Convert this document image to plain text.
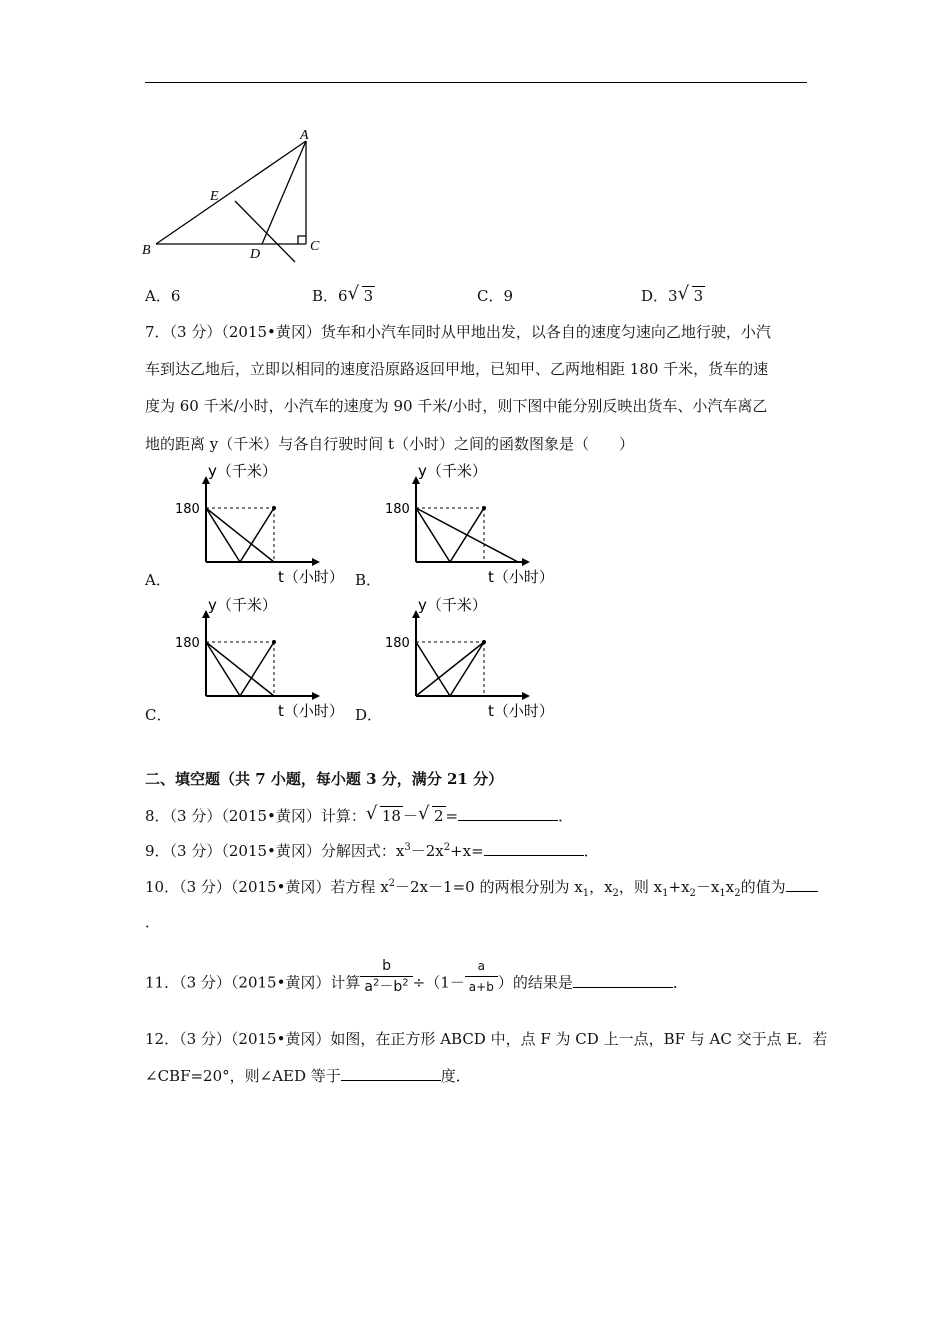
A
B	C
D
E
A．6	B．6 √ 3	C．9	D．3 √ 3
7．（3 分）（2015•黄冈）货车和小汽车同时从甲地出发，以各自的速度匀速向乙地行驶，小汽
车到达乙地后，立即以相同的速度沿原路返回甲地，已知甲、乙两地相距 180 千米，货车的速
度为 60 千米/小时，小汽车的速度为 90 千米/小时，则下图中能分别反映出货车、小汽车离乙
地的距离 y（千米）与各自行驶时间 t（小时）之间的函数图象是（　　）
A．	B．
C．	D．
y（千米）
t（小时）
180
y（千米）
t（小时）
180
y（千米）
t（小时）
180
y（千米）
t（小时）
180
二、填空题（共 7 小题，每小题 3 分，满分 21 分）
8．（3 分）（2015•黄冈）计算： √ 18 － √ 2 =	．
9．（3 分）（2015•黄冈）分解因式：$x^3-2x^2+x=$	．
10．（3 分）（2015•黄冈）若方程 $x^2-2x-1=0$ 的两根分别为 $x_1$，$x_2$，则 $x_1+x_2-x_1x_2$的值为
．
11．（3 分）（2015•黄冈）计算 $\frac{b}{a^2-b^2} \div(1- \frac{a}{a+b}$ ）的结果是	．
12．（3 分）（2015•黄冈）如图，在正方形 ABCD 中，点 F 为 CD 上一点，BF 与 AC 交于点 E．若
∠CBF=20°，则∠AED 等于	度．
